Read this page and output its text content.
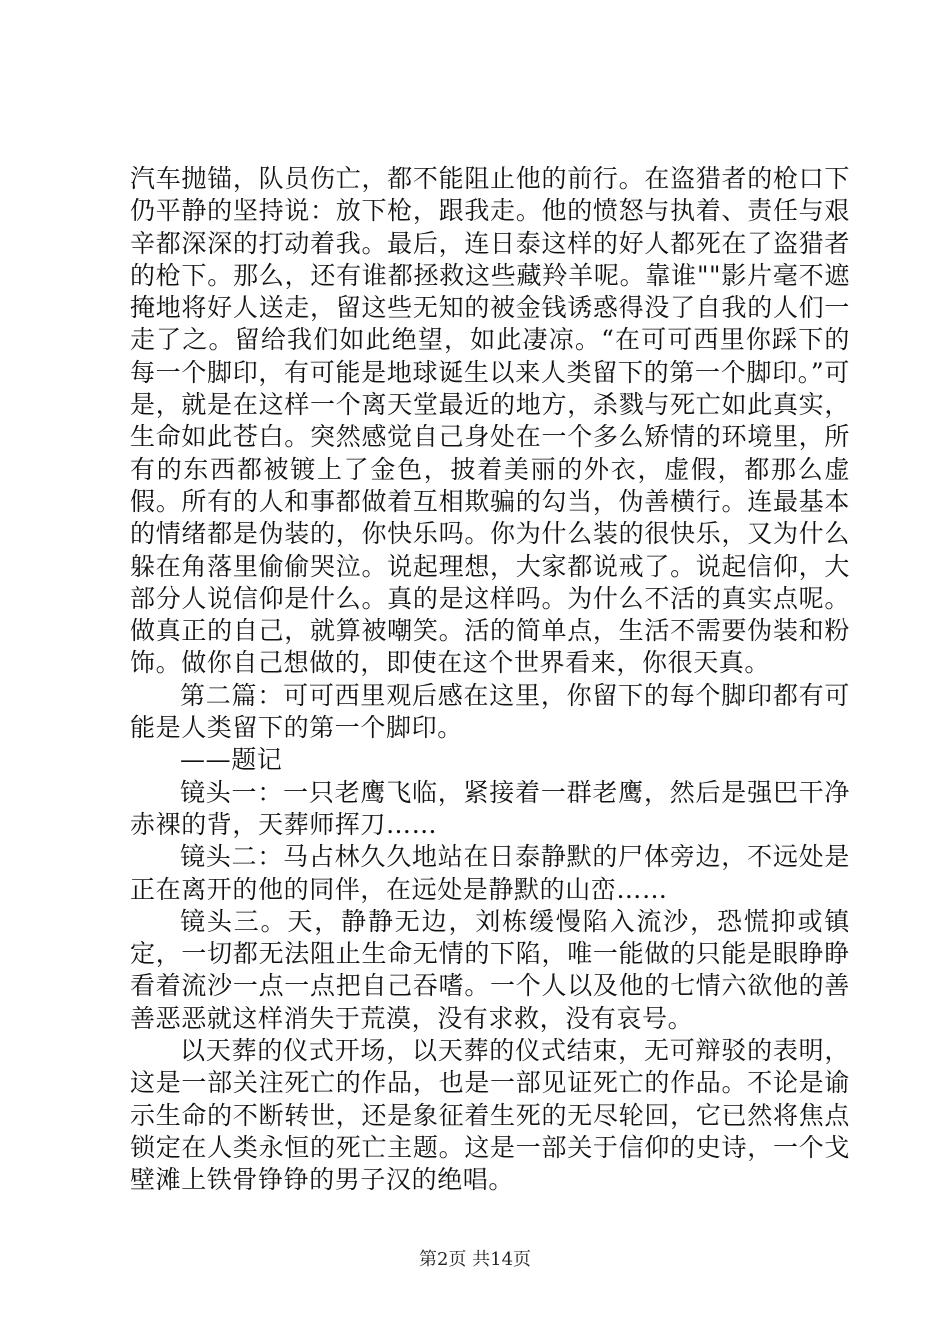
汽车抛锚，队员伤亡，都不能阻止他的前行。在盗猎者的枪口下仍平静的坚持说：放下枪，跟我走。他的愤怒与执着、责任与艰辛都深深的打动着我。最后，连日泰这样的好人都死在了盗猎者的枪下。那么，还有谁都拯救这些藏羚羊呢。靠谁""影片毫不遮掩地将好人送走，留这些无知的被金钱诱惑得没了自我的人们一走了之。留给我们如此绝望，如此凄凉。“在可可西里你踩下的每一个脚印，有可能是地球诞生以来人类留下的第一个脚印。”可是，就是在这样一个离天堂最近的地方，杀戮与死亡如此真实，生命如此苍白。突然感觉自己身处在一个多么矫情的环境里，所有的东西都被镀上了金色，披着美丽的外衣，虚假，都那么虚假。所有的人和事都做着互相欺骗的勾当，伪善横行。连最基本的情绪都是伪装的，你快乐吗。你为什么装的很快乐，又为什么躲在角落里偷偷哭泣。说起理想，大家都说戒了。说起信仰，大部分人说信仰是什么。真的是这样吗。为什么不活的真实点呢。做真正的自己，就算被嘲笑。活的简单点，生活不需要伪装和粉饰。做你自己想做的，即使在这个世界看来，你很天真。

第二篇：可可西里观后感在这里，你留下的每个脚印都有可能是人类留下的第一个脚印。

——题记

镜头一：一只老鹰飞临，紧接着一群老鹰，然后是强巴干净赤裸的背，天葬师挥刀……

镜头二：马占林久久地站在日泰静默的尸体旁边，不远处是正在离开的他的同伴，在远处是静默的山峦……

镜头三。天，静静无边，刘栋缓慢陷入流沙，恐慌抑或镇定，一切都无法阻止生命无情的下陷，唯一能做的只能是眼睁睁看着流沙一点一点把自己吞嗜。一个人以及他的七情六欲他的善善恶恶就这样消失于荒漠，没有求救，没有哀号。

以天葬的仪式开场，以天葬的仪式结束，无可辩驳的表明，这是一部关注死亡的作品，也是一部见证死亡的作品。不论是谕示生命的不断转世，还是象征着生死的无尽轮回，它已然将焦点锁定在人类永恒的死亡主题。这是一部关于信仰的史诗，一个戈壁滩上铁骨铮铮的男子汉的绝唱。

第2页 共14页
